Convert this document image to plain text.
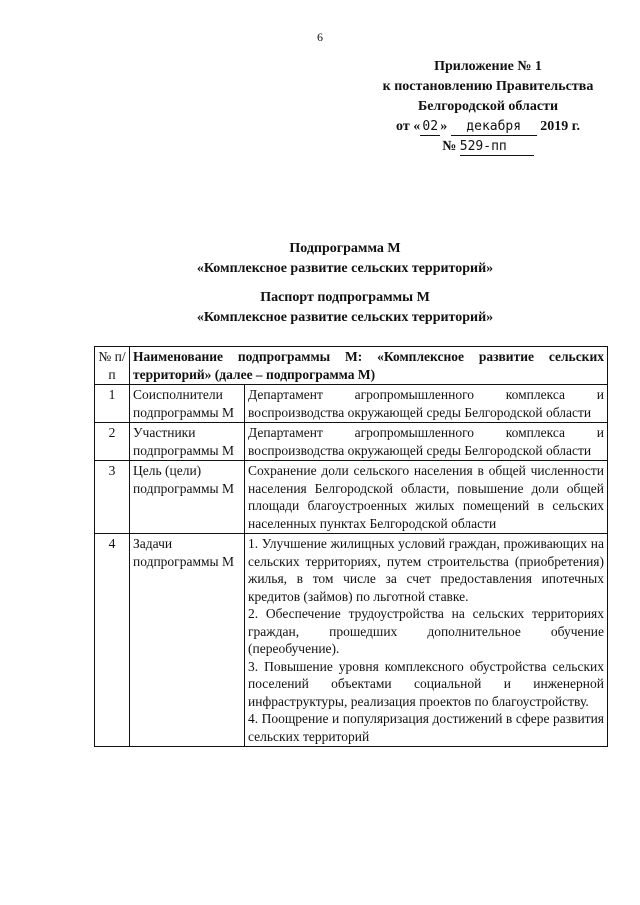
6
Приложение № 1
к постановлению Правительства
Белгородской области
от « 02 » декабря 2019 г.
№ 529-пп
Подпрограмма М
«Комплексное развитие сельских территорий»
Паспорт подпрограммы М
«Комплексное развитие сельских территорий»
№ п/п	Наименование подпрограммы М: «Комплексное развитие сельских территорий» (далее – подпрограмма М)	
1	Соисполнители подпрограммы М	Департамент агропромышленного комплекса и воспроизводства окружающей среды Белгородской области
2	Участники подпрограммы М	Департамент агропромышленного комплекса и воспроизводства окружающей среды Белгородской области
3	Цель (цели) подпрограммы М	Сохранение доли сельского населения в общей численности населения Белгородской области, повышение доли общей площади благоустроенных жилых помещений в сельских населенных пунктах Белгородской области
4	Задачи подпрограммы М	1. Улучшение жилищных условий граждан, проживающих на сельских территориях, путем строительства (приобретения) жилья, в том числе за счет предоставления ипотечных кредитов (займов) по льготной ставке.
2. Обеспечение трудоустройства на сельских территориях граждан, прошедших дополнительное обучение (переобучение).
3. Повышение уровня комплексного обустройства сельских поселений объектами социальной и инженерной инфраструктуры, реализация проектов по благоустройству.
4. Поощрение и популяризация достижений в сфере развития сельских территорий
